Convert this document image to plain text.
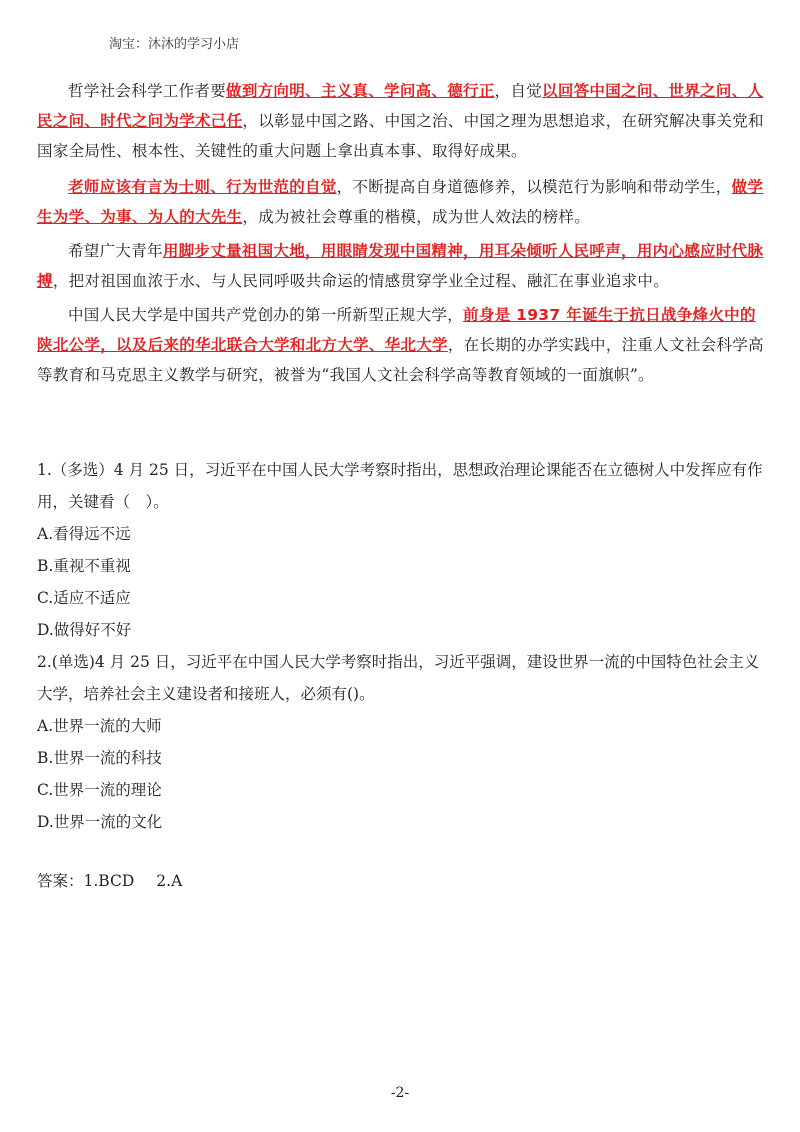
淘宝：沐沐的学习小店

哲学社会科学工作者要做到方向明、主义真、学问高、德行正，自觉以回答中国之问、世界之问、人民之问、时代之问为学术己任，以彰显中国之路、中国之治、中国之理为思想追求，在研究解决事关党和国家全局性、根本性、关键性的重大问题上拿出真本事、取得好成果。

老师应该有言为士则、行为世范的自觉，不断提高自身道德修养，以模范行为影响和带动学生，做学生为学、为事、为人的大先生，成为被社会尊重的楷模，成为世人效法的榜样。

希望广大青年用脚步丈量祖国大地，用眼睛发现中国精神，用耳朵倾听人民呼声，用内心感应时代脉搏，把对祖国血浓于水、与人民同呼吸共命运的情感贯穿学业全过程、融汇在事业追求中。

中国人民大学是中国共产党创办的第一所新型正规大学，前身是 1937 年诞生于抗日战争烽火中的陕北公学，以及后来的华北联合大学和北方大学、华北大学，在长期的办学实践中，注重人文社会科学高等教育和马克思主义教学与研究，被誉为“我国人文社会科学高等教育领域的一面旗帜”。

1.（多选）4 月 25 日，习近平在中国人民大学考察时指出，思想政治理论课能否在立德树人中发挥应有作用，关键看（　）。

A.看得远不远
B.重视不重视
C.适应不适应
D.做得好不好

2.(单选)4 月 25 日，习近平在中国人民大学考察时指出，习近平强调，建设世界一流的中国特色社会主义大学，培养社会主义建设者和接班人，必须有()。

A.世界一流的大师
B.世界一流的科技
C.世界一流的理论
D.世界一流的文化
答案：1.BCD 2.A
-2-
